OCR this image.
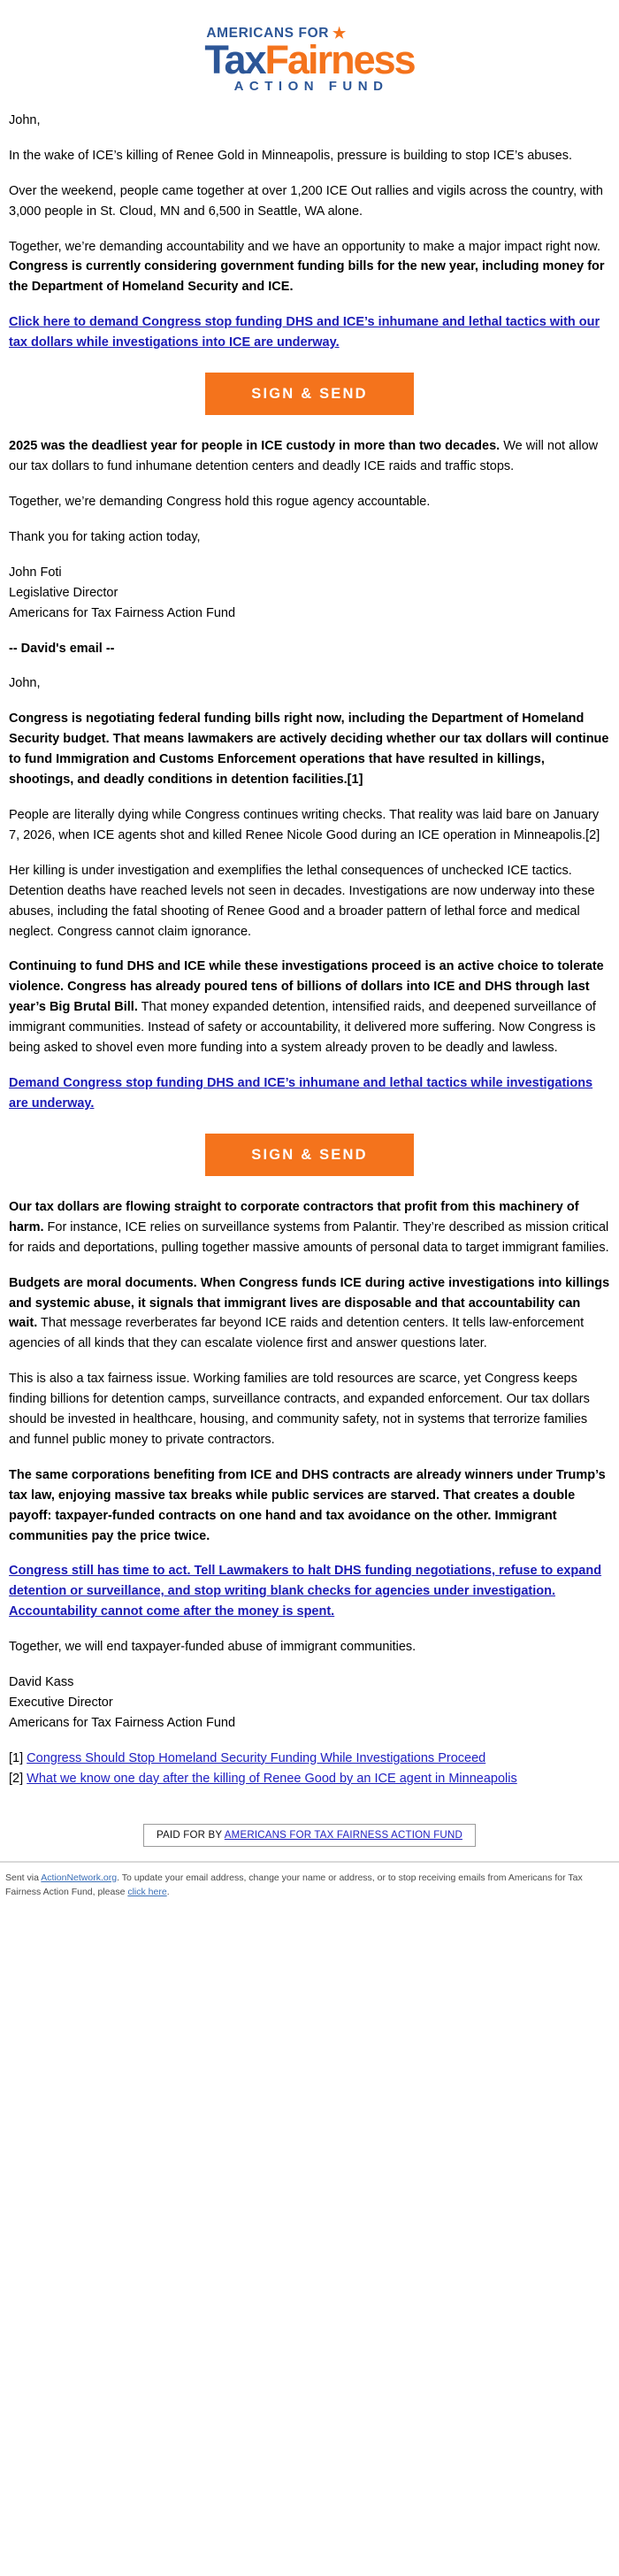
AMERICANS FOR ★
TaxFairness
ACTION FUND

John,

In the wake of ICE’s killing of Renee Gold in Minneapolis, pressure is building to stop ICE’s abuses.

Over the weekend, people came together at over 1,200 ICE Out rallies and vigils across the country, with 3,000 people in St. Cloud, MN and 6,500 in Seattle, WA alone.

Together, we’re demanding accountability and we have an opportunity to make a major impact right now. Congress is currently considering government funding bills for the new year, including money for the Department of Homeland Security and ICE.

Click here to demand Congress stop funding DHS and ICE’s inhumane and lethal tactics with our tax dollars while investigations into ICE are underway.

SIGN & SEND

2025 was the deadliest year for people in ICE custody in more than two decades. We will not allow our tax dollars to fund inhumane detention centers and deadly ICE raids and traffic stops.

Together, we’re demanding Congress hold this rogue agency accountable.

Thank you for taking action today,

John Foti

Legislative Director

Americans for Tax Fairness Action Fund

-- David's email --

John,

Congress is negotiating federal funding bills right now, including the Department of Homeland Security budget. That means lawmakers are actively deciding whether our tax dollars will continue to fund Immigration and Customs Enforcement operations that have resulted in killings, shootings, and deadly conditions in detention facilities.[1]

People are literally dying while Congress continues writing checks. That reality was laid bare on January 7, 2026, when ICE agents shot and killed Renee Nicole Good during an ICE operation in Minneapolis.[2]

Her killing is under investigation and exemplifies the lethal consequences of unchecked ICE tactics. Detention deaths have reached levels not seen in decades. Investigations are now underway into these abuses, including the fatal shooting of Renee Good and a broader pattern of lethal force and medical neglect. Congress cannot claim ignorance.

Continuing to fund DHS and ICE while these investigations proceed is an active choice to tolerate violence. Congress has already poured tens of billions of dollars into ICE and DHS through last year’s Big Brutal Bill. That money expanded detention, intensified raids, and deepened surveillance of immigrant communities. Instead of safety or accountability, it delivered more suffering. Now Congress is being asked to shovel even more funding into a system already proven to be deadly and lawless.

Demand Congress stop funding DHS and ICE’s inhumane and lethal tactics while investigations are underway.

SIGN & SEND

Our tax dollars are flowing straight to corporate contractors that profit from this machinery of harm. For instance, ICE relies on surveillance systems from Palantir. They’re described as mission critical for raids and deportations, pulling together massive amounts of personal data to target immigrant families.

Budgets are moral documents. When Congress funds ICE during active investigations into killings and systemic abuse, it signals that immigrant lives are disposable and that accountability can wait. That message reverberates far beyond ICE raids and detention centers. It tells law-enforcement agencies of all kinds that they can escalate violence first and answer questions later.

This is also a tax fairness issue. Working families are told resources are scarce, yet Congress keeps finding billions for detention camps, surveillance contracts, and expanded enforcement. Our tax dollars should be invested in healthcare, housing, and community safety, not in systems that terrorize families and funnel public money to private contractors.

The same corporations benefiting from ICE and DHS contracts are already winners under Trump’s tax law, enjoying massive tax breaks while public services are starved. That creates a double payoff: taxpayer-funded contracts on one hand and tax avoidance on the other. Immigrant communities pay the price twice.

Congress still has time to act. Tell Lawmakers to halt DHS funding negotiations, refuse to expand detention or surveillance, and stop writing blank checks for agencies under investigation. Accountability cannot come after the money is spent.

Together, we will end taxpayer-funded abuse of immigrant communities.

David Kass

Executive Director

Americans for Tax Fairness Action Fund

[1] Congress Should Stop Homeland Security Funding While Investigations Proceed
[2] What we know one day after the killing of Renee Good by an ICE agent in Minneapolis
PAID FOR BY AMERICANS FOR TAX FAIRNESS ACTION FUND
Sent via ActionNetwork.org. To update your email address, change your name or address, or to stop receiving emails from Americans for Tax Fairness Action Fund, please click here.
